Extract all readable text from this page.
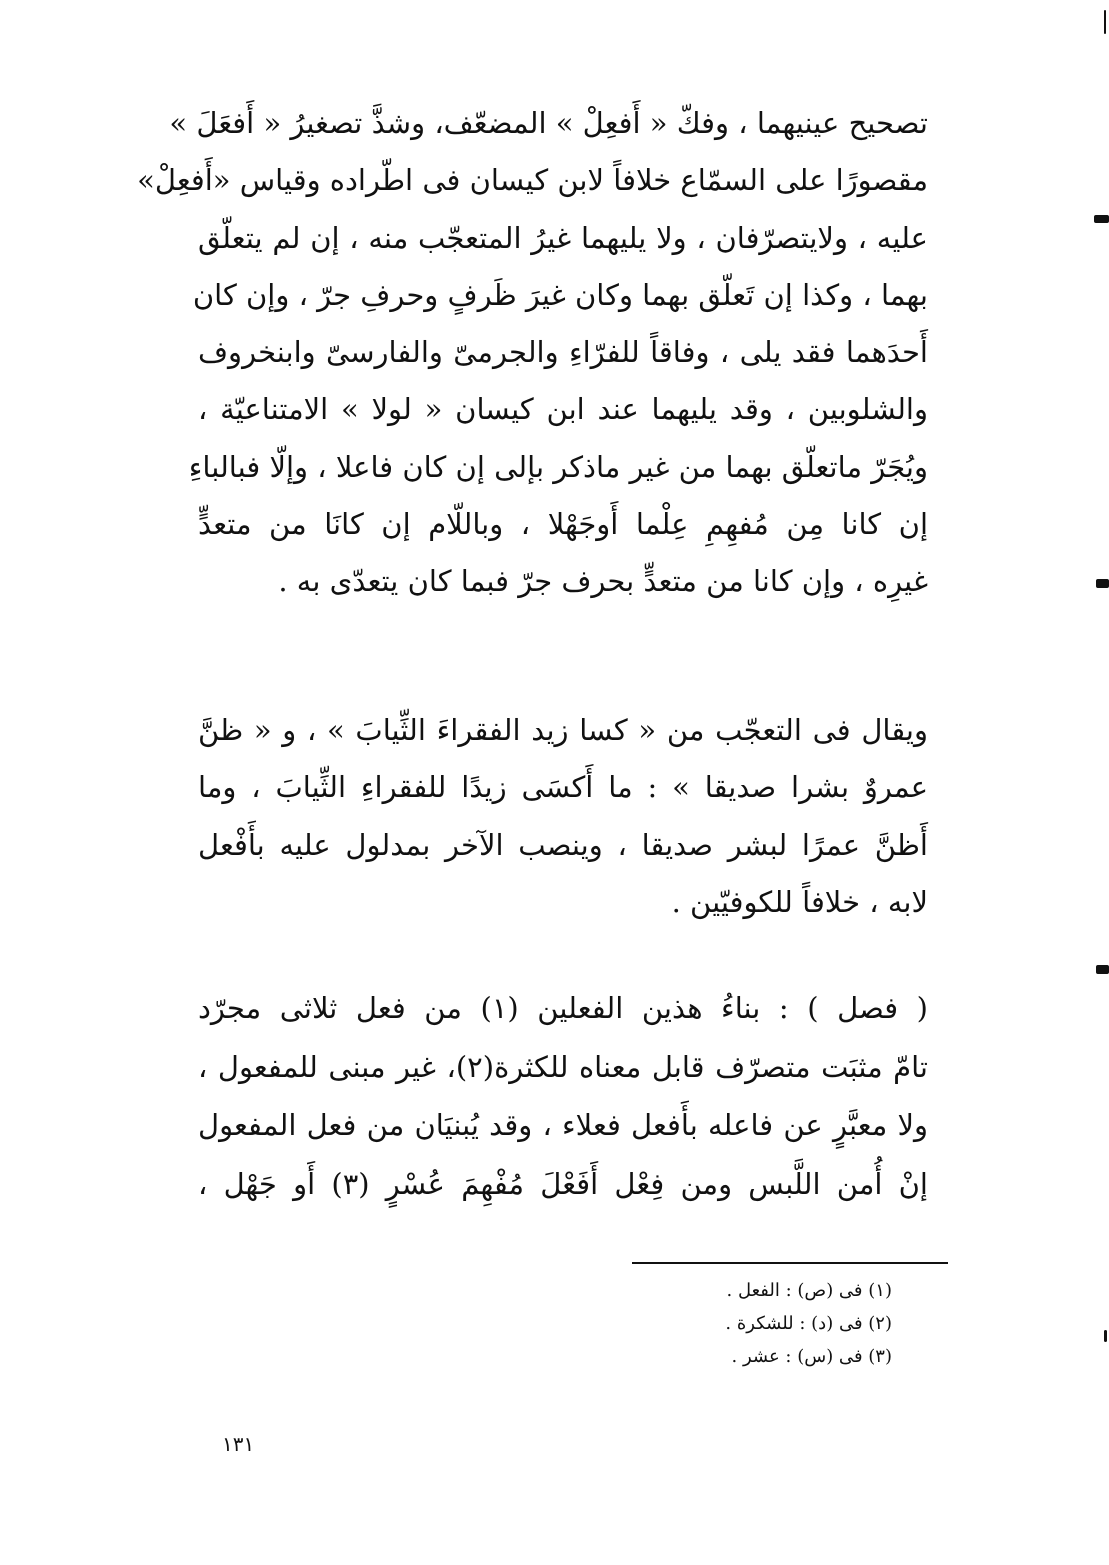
تصحيح عينيهما ، وفكّ « أَفعِلْ » المضعّف، وشذَّ تصغيرُ « أَفعَلَ »
مقصورًا على السمّاع خلافاً لابن كيسان فى اطّراده وقياس «أَفعِلْ»
عليه ، ولايتصرّفان ، ولا يليهما غيرُ المتعجّب منه ، إن لم يتعلّق
بهما ، وكذا إن تَعلّق بهما وكان غيرَ ظَرفٍ وحرفِ جرّ ، وإن كان
أَحدَهما فقد يلى ، وفاقاً للفرّاءِ والجرمىّ والفارسىّ وابنخروف
والشلوبين ، وقد يليهما عند ابن كيسان « لولا » الامتناعيّة ،
ويُجَرّ ماتعلّق بهما من غير ماذكر بإلى إن كان فاعلا ، وإلّا فبالباءِ
إن كانا مِن مُفهِمِ عِلْما أَوجَهْلا ، وباللّام إن كانَا من متعدٍّ
غيرِه ، وإن كانا من متعدٍّ بحرف جرّ فبما كان يتعدّى به .
ويقال فى التعجّب من « كسا زيد الفقراءَ الثِّيابَ » ، و « ظنَّ
عمروٌ بشرا صديقا » : ما أَكسَى زيدًا للفقراءِ الثِّيابَ ، وما
أَظنَّ عمرًا لبشر صديقا ، وينصب الآخر بمدلول عليه بأَفْعل
لابه ، خلافاً للكوفيّين .
( فصل ) : بناءُ هذين الفعلين (١) من فعل ثلاثى مجرّد
تامّ مثبَت متصرّف قابل معناه للكثرة(٢)، غير مبنى للمفعول ،
ولا معبَّرٍ عن فاعله بأَفعل فعلاء ، وقد يُبنيَان من فعل المفعول
إنْ أُمن اللَّبس ومن فِعْل أَفَعْلَ مُفْهِمَ عُسْرٍ (٣) أَو جَهْل ،
(١) فى (ص) : الفعل .
(٢) فى (د) : للشكرة .
(٣) فى (س) : عشر .
١٣١
